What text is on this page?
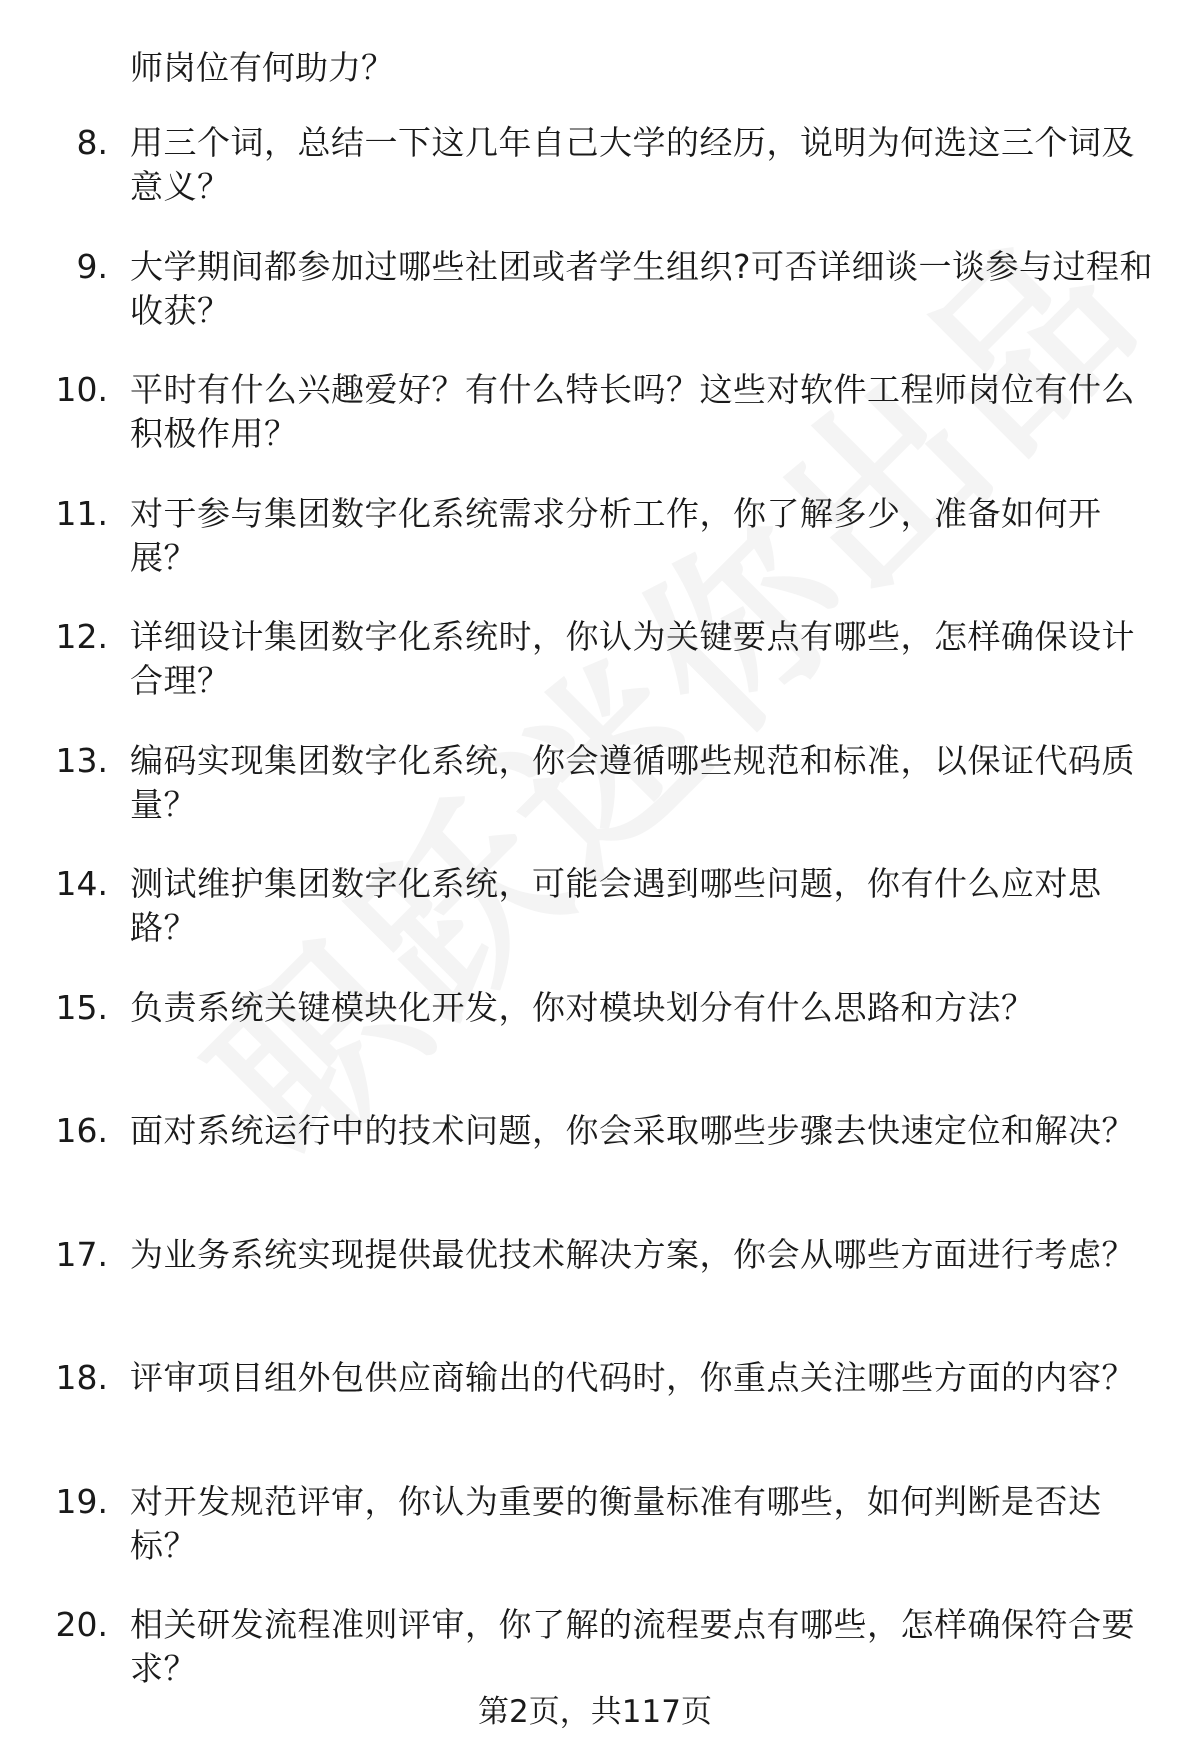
师岗位有何助力？
8. 用三个词，总结一下这几年自己大学的经历，说明为何选这三个词及意义？
9. 大学期间都参加过哪些社团或者学生组织?可否详细谈一谈参与过程和收获？
10. 平时有什么兴趣爱好？有什么特长吗？这些对软件工程师岗位有什么积极作用？
11. 对于参与集团数字化系统需求分析工作，你了解多少，准备如何开展？
12. 详细设计集团数字化系统时，你认为关键要点有哪些，怎样确保设计合理？
13. 编码实现集团数字化系统，你会遵循哪些规范和标准，以保证代码质量？
14. 测试维护集团数字化系统，可能会遇到哪些问题，你有什么应对思路？
15. 负责系统关键模块化开发，你对模块划分有什么思路和方法？
16. 面对系统运行中的技术问题，你会采取哪些步骤去快速定位和解决？
17. 为业务系统实现提供最优技术解决方案，你会从哪些方面进行考虑？
18. 评审项目组外包供应商输出的代码时，你重点关注哪些方面的内容？
19. 对开发规范评审，你认为重要的衡量标准有哪些，如何判断是否达标？
20. 相关研发流程准则评审，你了解的流程要点有哪些，怎样确保符合要求？
第2页，共117页
